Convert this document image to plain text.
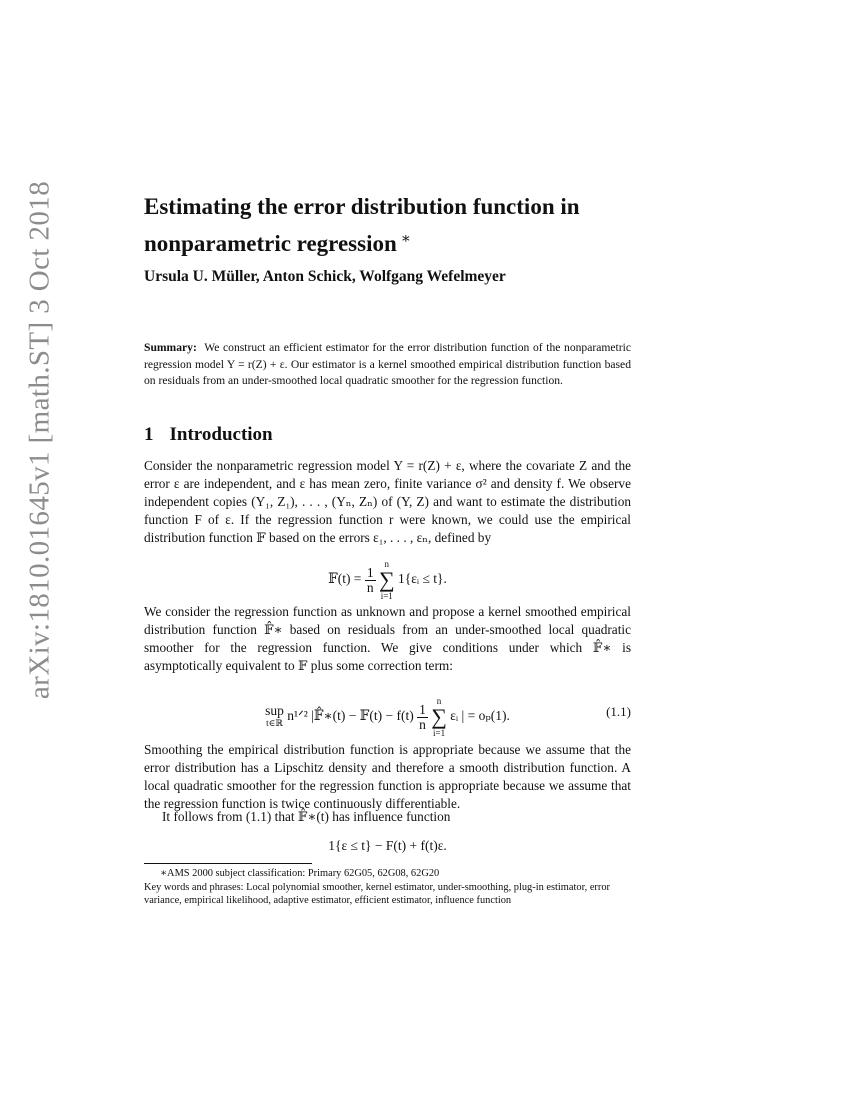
arXiv:1810.01645v1 [math.ST] 3 Oct 2018	Estimating the error distribution function in nonparametric regression ∗
Ursula U. Müller, Anton Schick, Wolfgang Wefelmeyer

Summary: We construct an efficient estimator for the error distribution function of the nonparametric regression model Y = r(Z) + ε. Our estimator is a kernel smoothed empirical distribution function based on residuals from an under-smoothed local quadratic smoother for the regression function.

1 Introduction

Consider the nonparametric regression model Y = r(Z) + ε, where the covariate Z and the error ε are independent, and ε has mean zero, finite variance σ² and density f. We observe independent copies (Y₁, Z₁), . . . , (Yₙ, Zₙ) of (Y, Z) and want to estimate the distribution function F of ε. If the regression function r were known, we could use the empirical distribution function 𝔽 based on the errors ε₁, . . . , εₙ, defined by

𝔽(t) = $\frac{1}{n}$

n
∑
i=1
1{εᵢ ≤ t}.

We consider the regression function as unknown and propose a kernel smoothed empirical distribution function 𝔽̂∗ based on residuals from an under-smoothed local quadratic smoother for the regression function. We give conditions under which 𝔽̂∗ is asymptotically equivalent to 𝔽 plus some correction term:

sup
t∈ℝ n¹ᐟ² |𝔽̂∗(t) − 𝔽(t) − $f(t) \frac{1}{n}$

n
∑
i=1
εᵢ | = oₚ(1).	(1.1)

Smoothing the empirical distribution function is appropriate because we assume that the error distribution has a Lipschitz density and therefore a smooth distribution function. A local quadratic smoother for the regression function is appropriate because we assume that the regression function is twice continuously differentiable.

It follows from (1.1) that 𝔽̂∗(t) has influence function

1{ε ≤ t} − F(t) + f(t)ε.
∗AMS 2000 subject classification: Primary 62G05, 62G08, 62G20
Key words and phrases: Local polynomial smoother, kernel estimator, under-smoothing, plug-in estimator, error variance, empirical likelihood, adaptive estimator, efficient estimator, influence function
